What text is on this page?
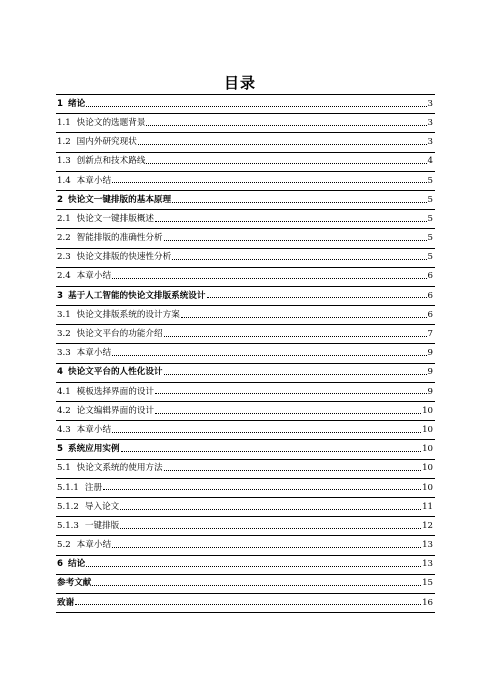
目录
1 绪论	3
1.1 快论文的选题背景	3
1.2 国内外研究现状	3
1.3 创新点和技术路线	4
1.4 本章小结	5
2 快论文一键排版的基本原理	5
2.1 快论文一键排版概述	5
2.2 智能排版的准确性分析	5
2.3 快论文排版的快速性分析	5
2.4 本章小结	6
3 基于人工智能的快论文排版系统设计	6
3.1 快论文排版系统的设计方案	6
3.2 快论文平台的功能介绍	7
3.3 本章小结	9
4 快论文平台的人性化设计	9
4.1 模板选择界面的设计	9
4.2 论文编辑界面的设计	10
4.3 本章小结	10
5 系统应用实例	10
5.1 快论文系统的使用方法	10
5.1.1 注册	10
5.1.2 导入论文	11
5.1.3 一键排版	12
5.2 本章小结	13
6 结论	13
参考文献	15
致谢	16
